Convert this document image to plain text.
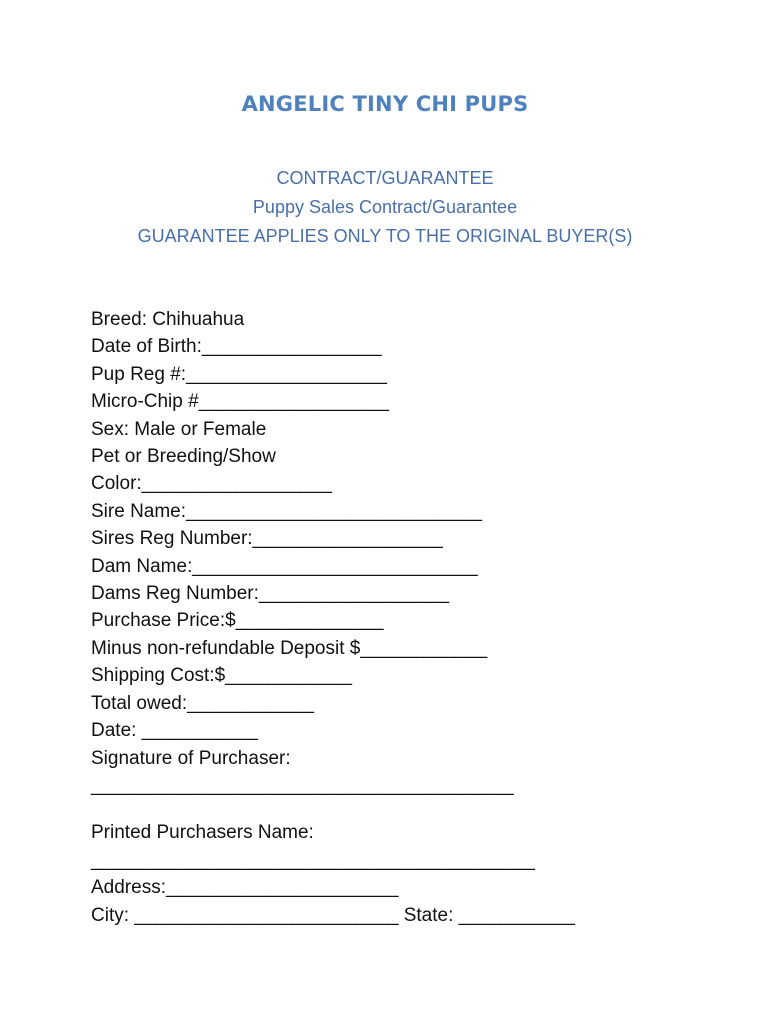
ANGELIC TINY CHI PUPS

CONTRACT/GUARANTEE

Puppy Sales Contract/Guarantee

GUARANTEE APPLIES ONLY TO THE ORIGINAL BUYER(S)

Breed: Chihuahua
Date of Birth:_________________
Pup Reg #:___________________
Micro-Chip #__________________
Sex: Male or Female
Pet or Breeding/Show
Color:__________________
Sire Name:____________________________
Sires Reg Number:__________________
Dam Name:___________________________
Dams Reg Number:__________________
Purchase Price:$______________
Minus non-refundable Deposit $____________
Shipping Cost:$____________
Total owed:____________
Date: ___________
Signature of Purchaser:
________________________________________
Printed Purchasers Name:
__________________________________________
Address:______________________
City: _________________________ State: ___________
